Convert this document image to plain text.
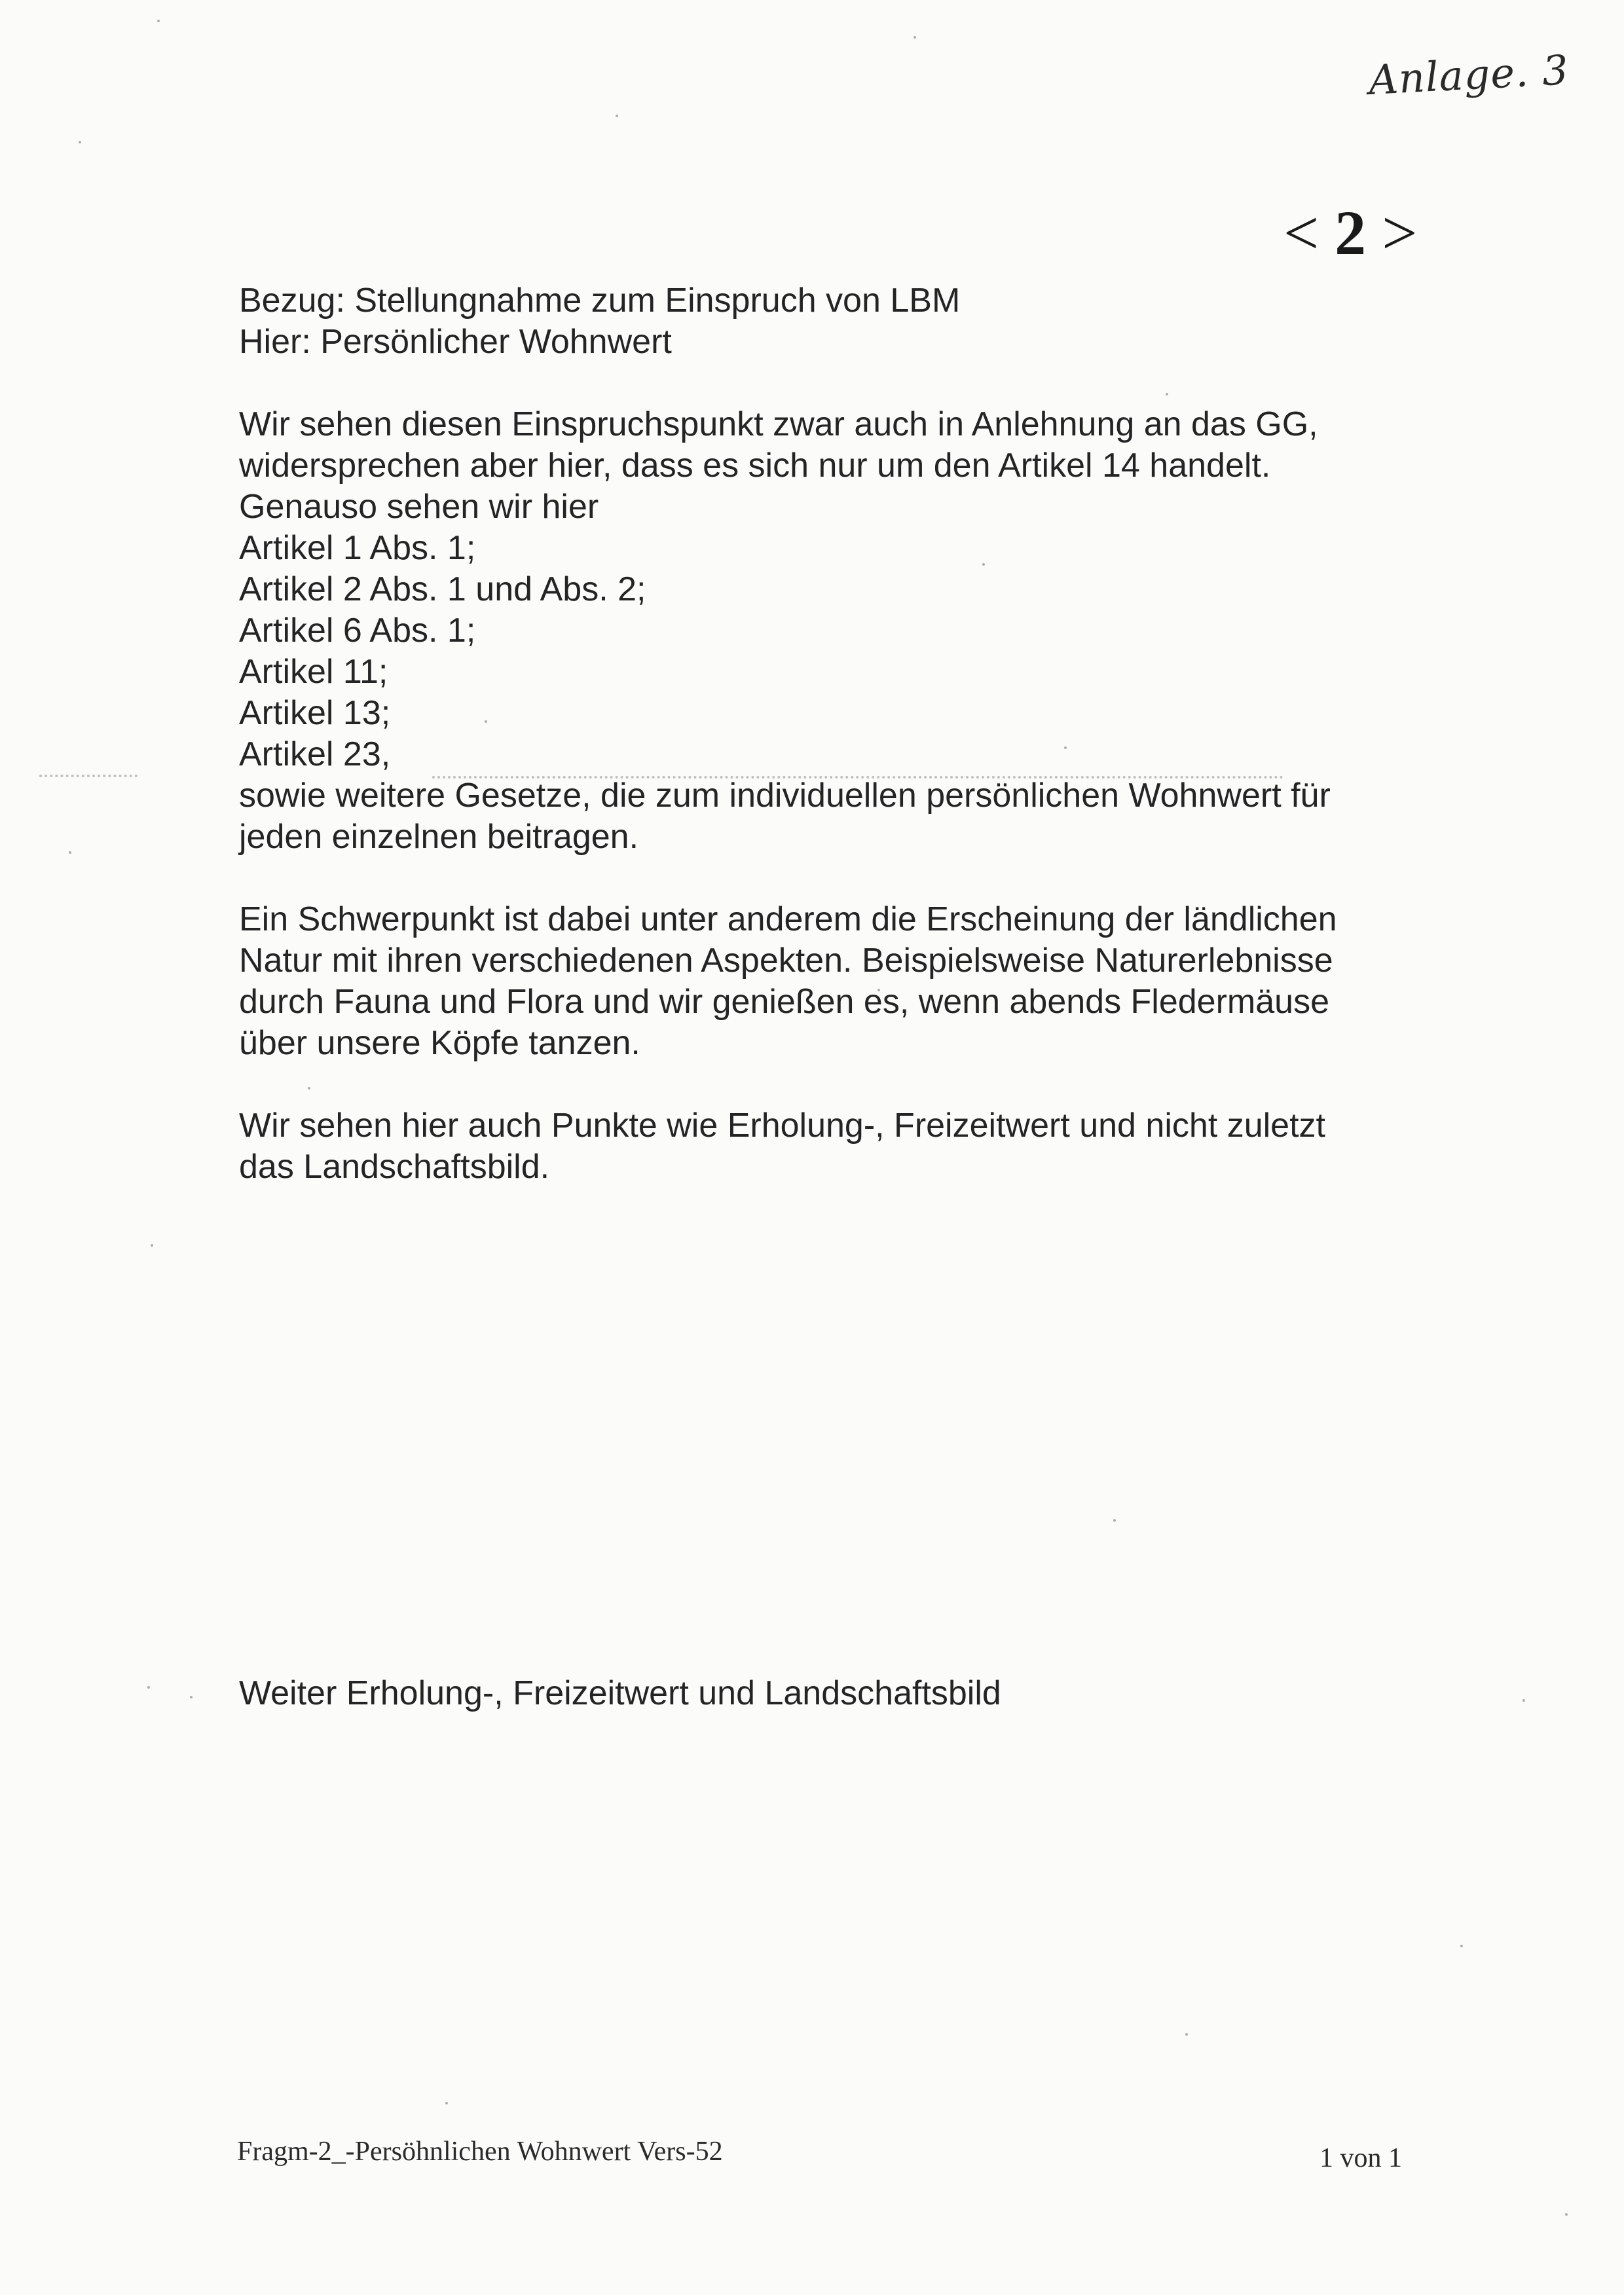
Anlage. 3
< 2 >
Bezug: Stellungnahme zum Einspruch von LBM
Hier: Persönlicher Wohnwert
Wir sehen diesen Einspruchspunkt zwar auch in Anlehnung an das GG,
widersprechen aber hier, dass es sich nur um den Artikel 14 handelt.
Genauso sehen wir hier
Artikel 1 Abs. 1;
Artikel 2 Abs. 1 und Abs. 2;
Artikel 6 Abs. 1;
Artikel 11;
Artikel 13;
Artikel 23,
sowie weitere Gesetze, die zum individuellen persönlichen Wohnwert für
jeden einzelnen beitragen.
Ein Schwerpunkt ist dabei unter anderem die Erscheinung der ländlichen
Natur mit ihren verschiedenen Aspekten. Beispielsweise Naturerlebnisse
durch Fauna und Flora und wir genießen es, wenn abends Fledermäuse
über unsere Köpfe tanzen.
Wir sehen hier auch Punkte wie Erholung-, Freizeitwert und nicht zuletzt
das Landschaftsbild.
Weiter Erholung-, Freizeitwert und Landschaftsbild
Fragm-2_-Persöhnlichen Wohnwert Vers-52	1 von 1
